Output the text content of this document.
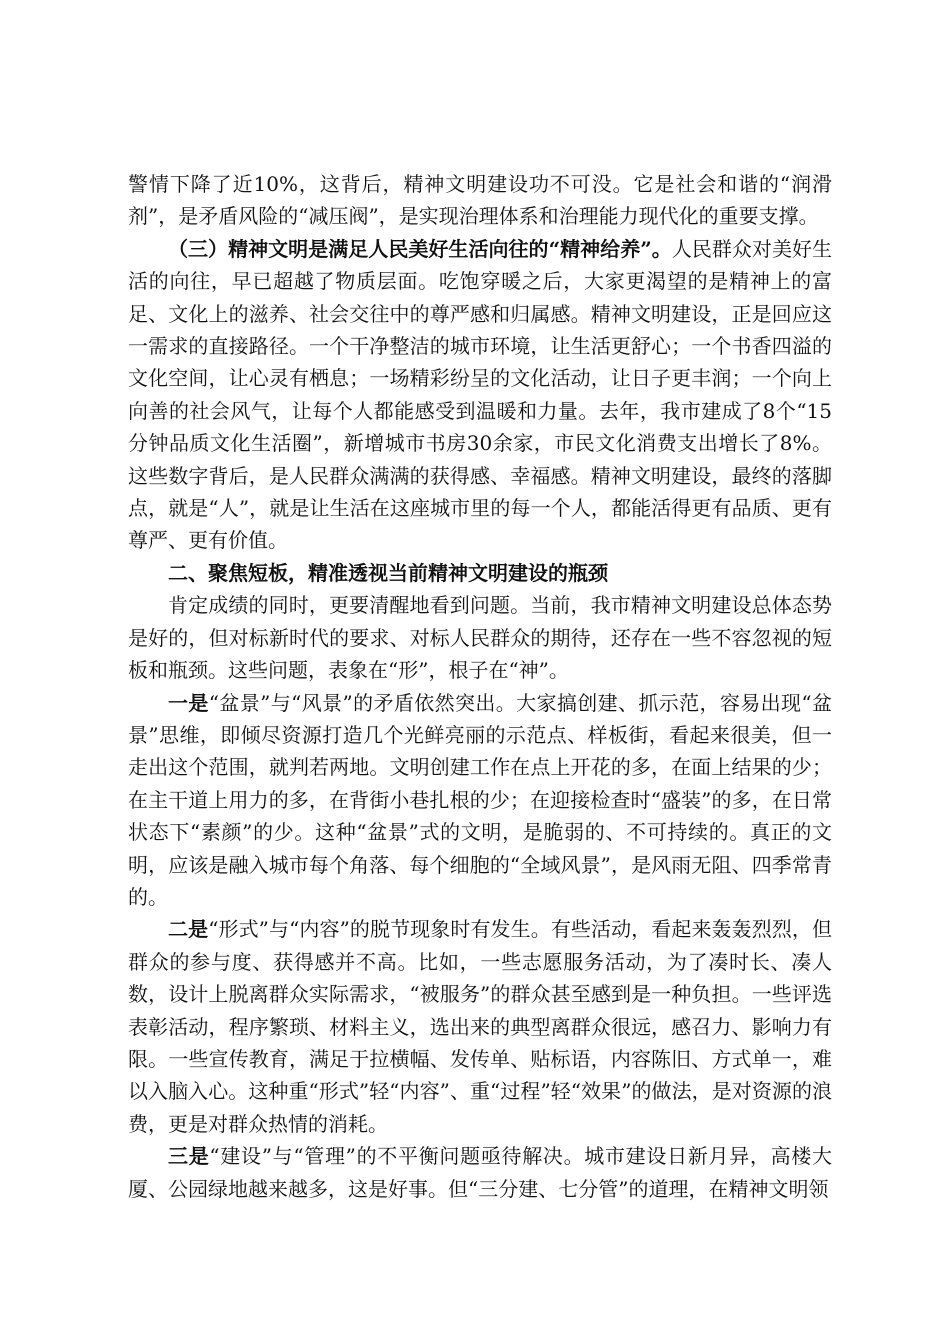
警情下降了近10%，这背后，精神文明建设功不可没。它是社会和谐的“润滑剂”，是矛盾风险的“减压阀”，是实现治理体系和治理能力现代化的重要支撑。

（三）精神文明是满足人民美好生活向往的“精神给养”。人民群众对美好生活的向往，早已超越了物质层面。吃饱穿暖之后，大家更渴望的是精神上的富足、文化上的滋养、社会交往中的尊严感和归属感。精神文明建设，正是回应这一需求的直接路径。一个干净整洁的城市环境，让生活更舒心；一个书香四溢的文化空间，让心灵有栖息；一场精彩纷呈的文化活动，让日子更丰润；一个向上向善的社会风气，让每个人都能感受到温暖和力量。去年，我市建成了8个“15分钟品质文化生活圈”，新增城市书房30余家，市民文化消费支出增长了8%。这些数字背后，是人民群众满满的获得感、幸福感。精神文明建设，最终的落脚点，就是“人”，就是让生活在这座城市里的每一个人，都能活得更有品质、更有尊严、更有价值。

二、聚焦短板，精准透视当前精神文明建设的瓶颈

肯定成绩的同时，更要清醒地看到问题。当前，我市精神文明建设总体态势是好的，但对标新时代的要求、对标人民群众的期待，还存在一些不容忽视的短板和瓶颈。这些问题，表象在“形”，根子在“神”。

一是“盆景”与“风景”的矛盾依然突出。大家搞创建、抓示范，容易出现“盆景”思维，即倾尽资源打造几个光鲜亮丽的示范点、样板街，看起来很美，但一走出这个范围，就判若两地。文明创建工作在点上开花的多，在面上结果的少；在主干道上用力的多，在背街小巷扎根的少；在迎接检查时“盛装”的多，在日常状态下“素颜”的少。这种“盆景”式的文明，是脆弱的、不可持续的。真正的文明，应该是融入城市每个角落、每个细胞的“全域风景”，是风雨无阻、四季常青的。

二是“形式”与“内容”的脱节现象时有发生。有些活动，看起来轰轰烈烈，但群众的参与度、获得感并不高。比如，一些志愿服务活动，为了凑时长、凑人数，设计上脱离群众实际需求，“被服务”的群众甚至感到是一种负担。一些评选表彰活动，程序繁琐、材料主义，选出来的典型离群众很远，感召力、影响力有限。一些宣传教育，满足于拉横幅、发传单、贴标语，内容陈旧、方式单一，难以入脑入心。这种重“形式”轻“内容”、重“过程”轻“效果”的做法，是对资源的浪费，更是对群众热情的消耗。

三是“建设”与“管理”的不平衡问题亟待解决。城市建设日新月异，高楼大厦、公园绿地越来越多，这是好事。但“三分建、七分管”的道理，在精神文明领
